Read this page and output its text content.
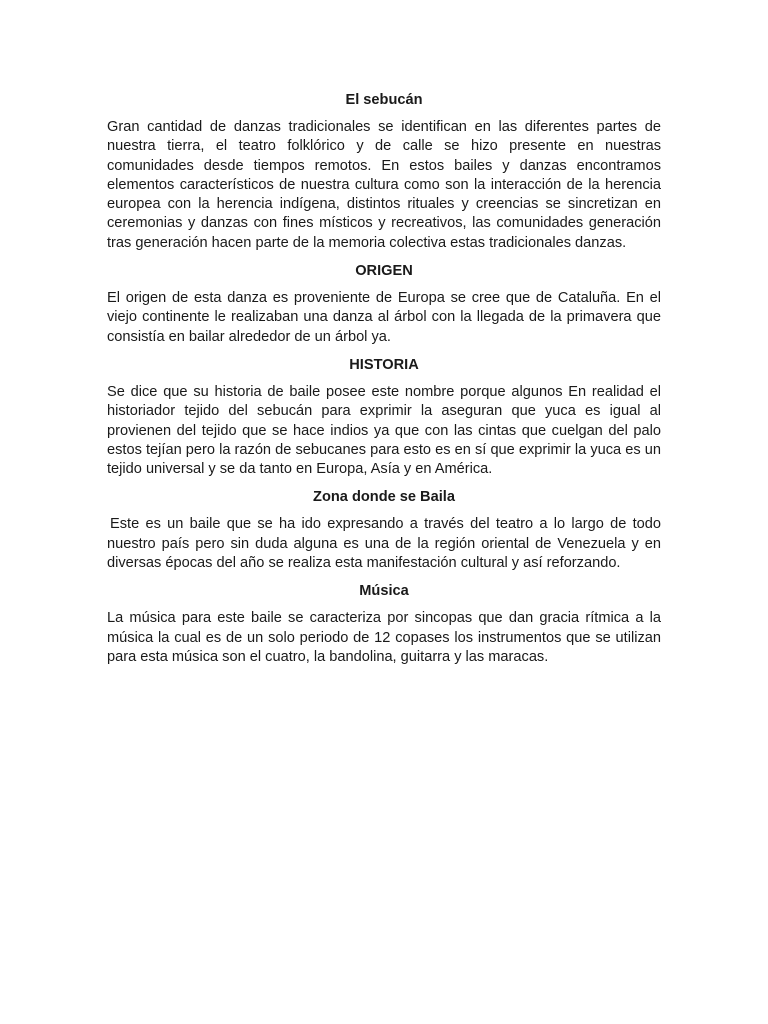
El sebucán

Gran cantidad de danzas tradicionales se identifican en las diferentes partes de nuestra tierra, el teatro folklórico y de calle se hizo presente en nuestras comunidades desde tiempos remotos. En estos bailes y danzas encontramos elementos característicos de nuestra cultura como son la interacción de la herencia europea con la herencia indígena, distintos rituales y creencias se sincretizan en ceremonias y danzas con fines místicos y recreativos, las comunidades generación tras generación hacen parte de la memoria colectiva estas tradicionales danzas.

ORIGEN

El origen de esta danza es proveniente de Europa se cree que de Cataluña. En el viejo continente le realizaban una danza al árbol con la llegada de la primavera que consistía en bailar alrededor de un árbol ya.

HISTORIA

Se dice que su historia de baile posee este nombre porque algunos En realidad el historiador tejido del sebucán para exprimir la aseguran que yuca es igual al provienen del tejido que se hace indios ya que con las cintas que cuelgan del palo estos tejían pero la razón de sebucanes para esto es en sí que exprimir la yuca es un tejido universal y se da tanto en Europa, Asía y en América.

Zona donde se Baila

Este es un baile que se ha ido expresando a través del teatro a lo largo de todo nuestro país pero sin duda alguna es una de la región oriental de Venezuela y en diversas épocas del año se realiza esta manifestación cultural y así reforzando.

Música

La música para este baile se caracteriza por sincopas que dan gracia rítmica a la música la cual es de un solo periodo de 12 copases los instrumentos que se utilizan para esta música son el cuatro, la bandolina, guitarra y las maracas.
